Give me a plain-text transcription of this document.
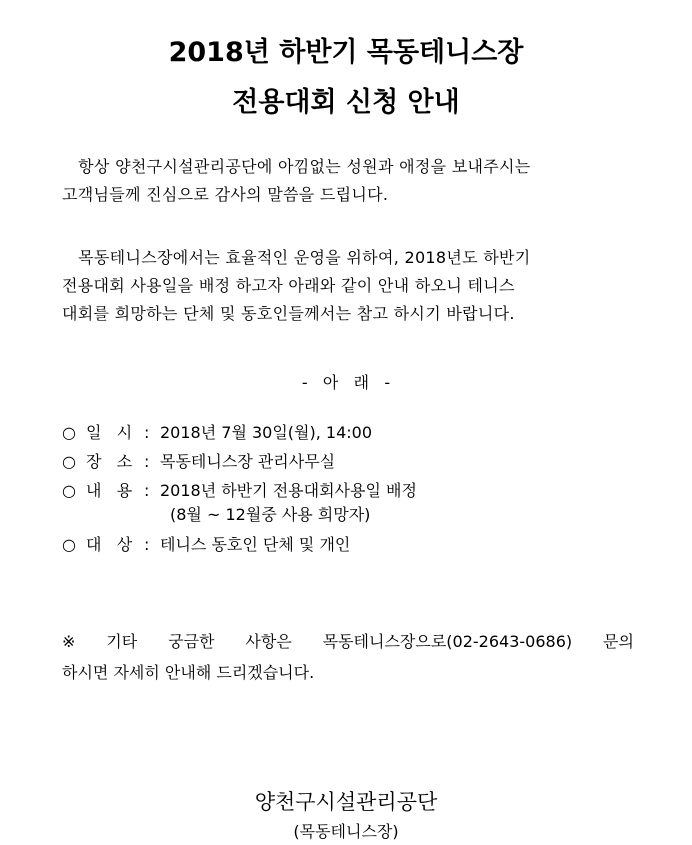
2018년 하반기 목동테니스장
전용대회 신청 안내
항상 양천구시설관리공단에 아낌없는 성원과 애정을 보내주시는
고객님들께 진심으로 감사의 말씀을 드립니다.
목동테니스장에서는 효율적인 운영을 위하여, 2018년도 하반기
전용대회 사용일을 배정 하고자 아래와 같이 안내 하오니 테니스
대회를 희망하는 단체 및 동호인들께서는 참고 하시기 바랍니다.
-   아   래   -
○ 일   시 : 2018년 7월 30일(월), 14:00
○ 장   소 : 목동테니스장 관리사무실
○ 내   용 : 2018년 하반기 전용대회사용일 배정
(8월 ~ 12월중 사용 희망자)
○ 대   상 : 테니스 동호인 단체 및 개인
※ 기타 궁금한 사항은 목동테니스장으로(02-2643-0686) 문의
하시면 자세히 안내해 드리겠습니다.
양천구시설관리공단
(목동테니스장)
